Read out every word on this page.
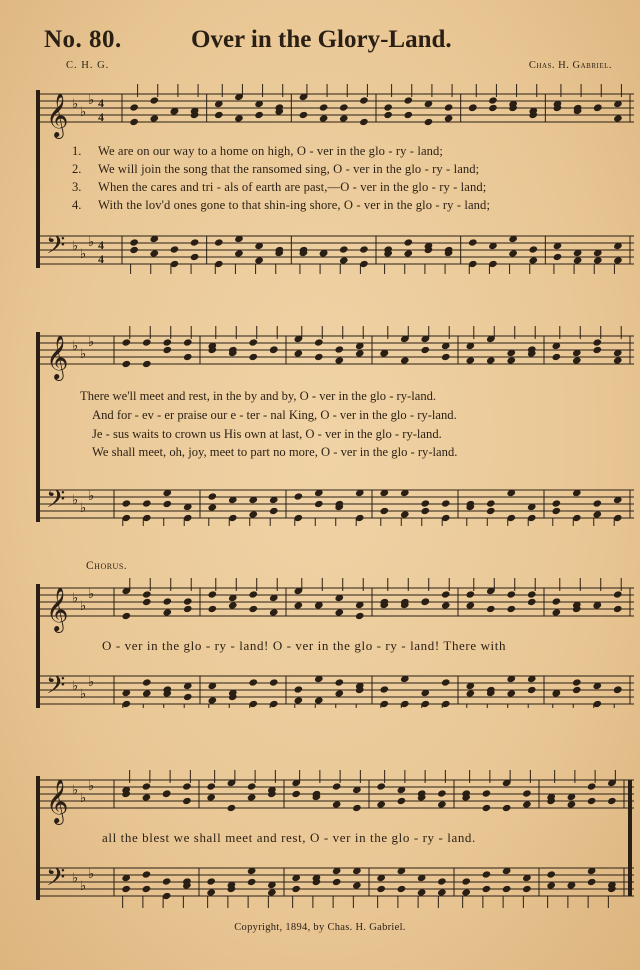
No. 80.	Over in the Glory-Land.
C. H. G.	Chas. H. Gabriel.
𝄞
𝄢
♭
♭
♭
♭
♭
♭
4
4
4
4
1. We are on our way to a home on high, O - ver in the glo - ry - land;
2. We will join the song that the ransomed sing, O - ver in the glo - ry - land;
3. When the cares and tri - als of earth are past,—O - ver in the glo - ry - land;
4. With the lov'd ones gone to that shin-ing shore, O - ver in the glo - ry - land;
𝄞
𝄢
♭
♭
♭
♭
♭
♭
There we'll meet and rest, in the by and by, O - ver in the glo - ry-land.
And for - ev - er praise our e - ter - nal King, O - ver in the glo - ry-land.
Je - sus waits to crown us His own at last, O - ver in the glo - ry-land.
We shall meet, oh, joy, meet to part no more, O - ver in the glo - ry-land.
Chorus.
𝄞
𝄢
♭
♭
♭
♭
♭
♭
O - ver in the glo - ry - land! O - ver in the glo - ry - land! There with
𝄞
𝄢
♭
♭
♭
♭
♭
♭
all the blest we shall meet and rest, O - ver in the glo - ry - land.
Copyright, 1894, by Chas. H. Gabriel.
